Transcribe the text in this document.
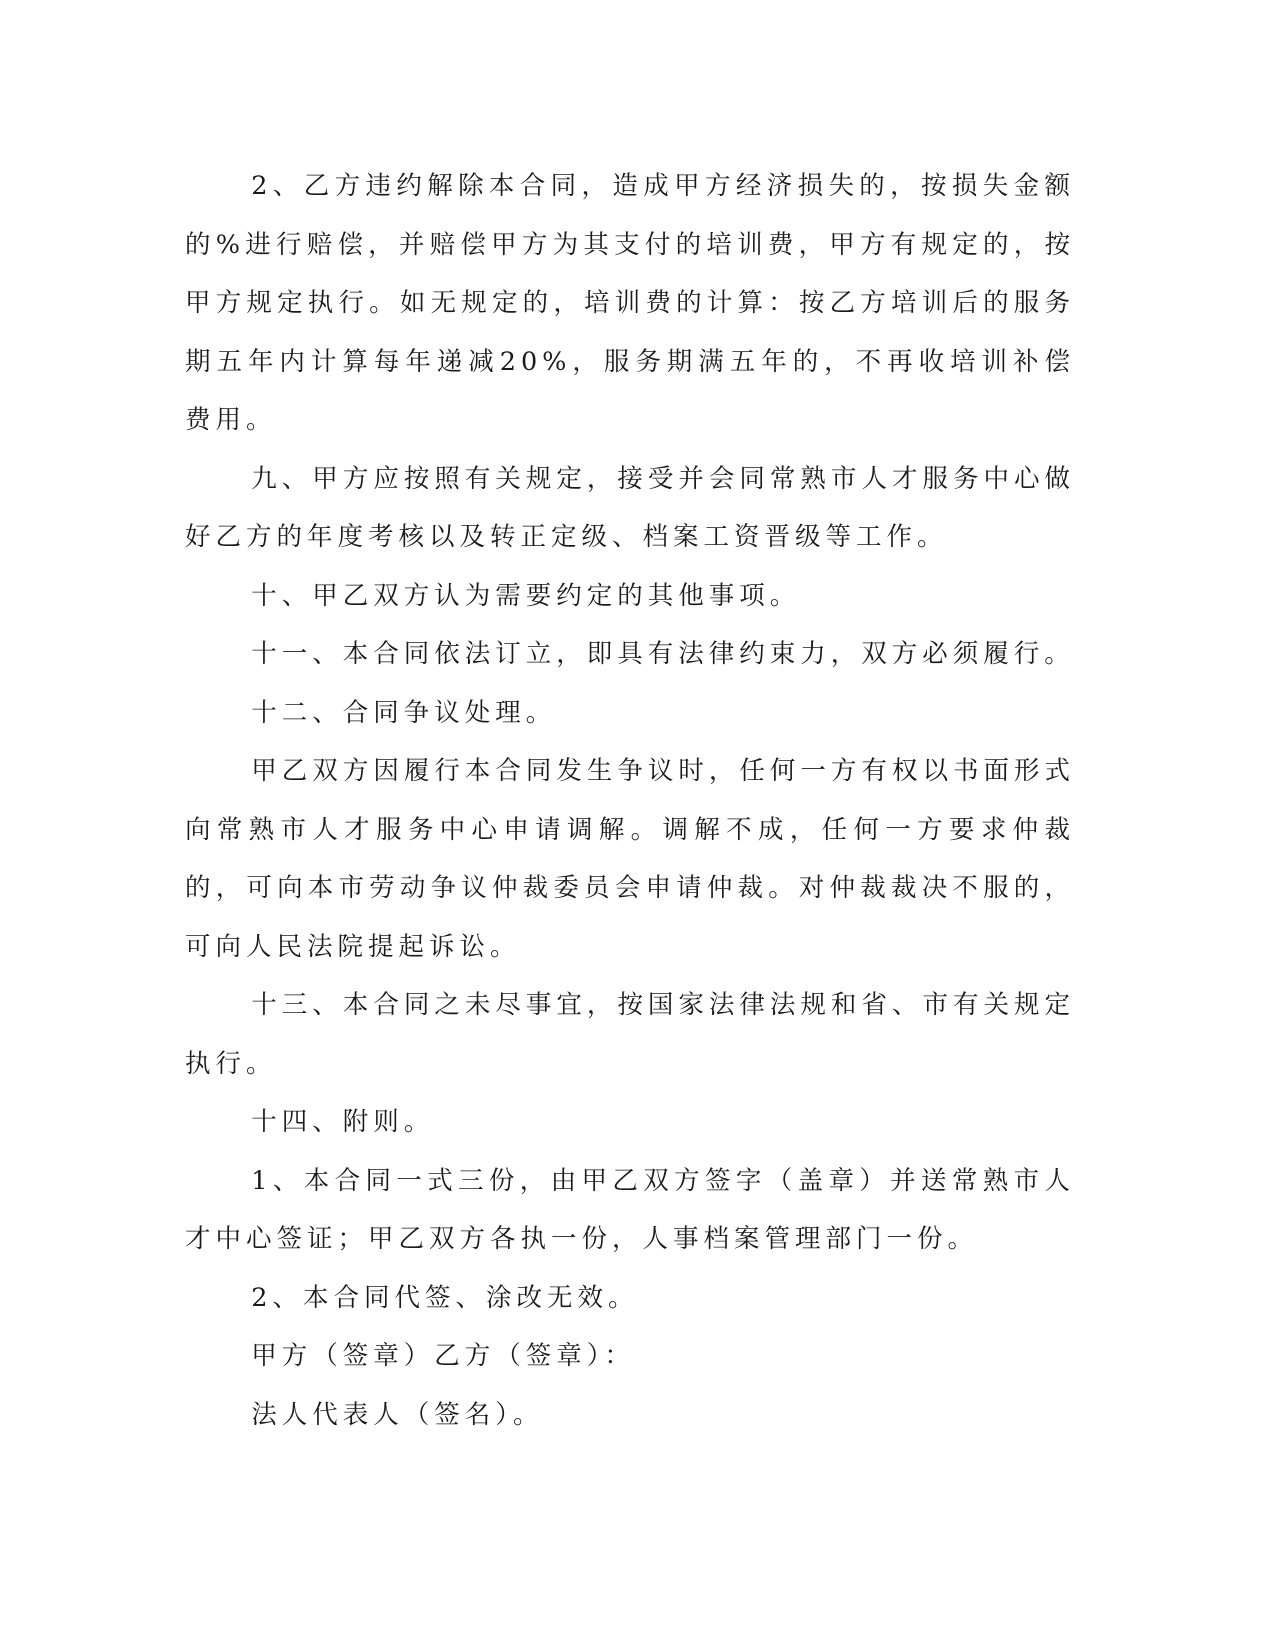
2、乙方违约解除本合同，造成甲方经济损失的，按损失金额的%进行赔偿，并赔偿甲方为其支付的培训费，甲方有规定的，按甲方规定执行。如无规定的，培训费的计算：按乙方培训后的服务期五年内计算每年递减20%，服务期满五年的，不再收培训补偿费用。

九、甲方应按照有关规定，接受并会同常熟市人才服务中心做好乙方的年度考核以及转正定级、档案工资晋级等工作。

十、甲乙双方认为需要约定的其他事项。

十一、本合同依法订立，即具有法律约束力，双方必须履行。

十二、合同争议处理。

甲乙双方因履行本合同发生争议时，任何一方有权以书面形式向常熟市人才服务中心申请调解。调解不成，任何一方要求仲裁的，可向本市劳动争议仲裁委员会申请仲裁。对仲裁裁决不服的，可向人民法院提起诉讼。

十三、本合同之未尽事宜，按国家法律法规和省、市有关规定执行。

十四、附则。

1、本合同一式三份，由甲乙双方签字（盖章）并送常熟市人才中心签证；甲乙双方各执一份，人事档案管理部门一份。

2、本合同代签、涂改无效。

甲方（签章）乙方（签章）：

法人代表人（签名）。
